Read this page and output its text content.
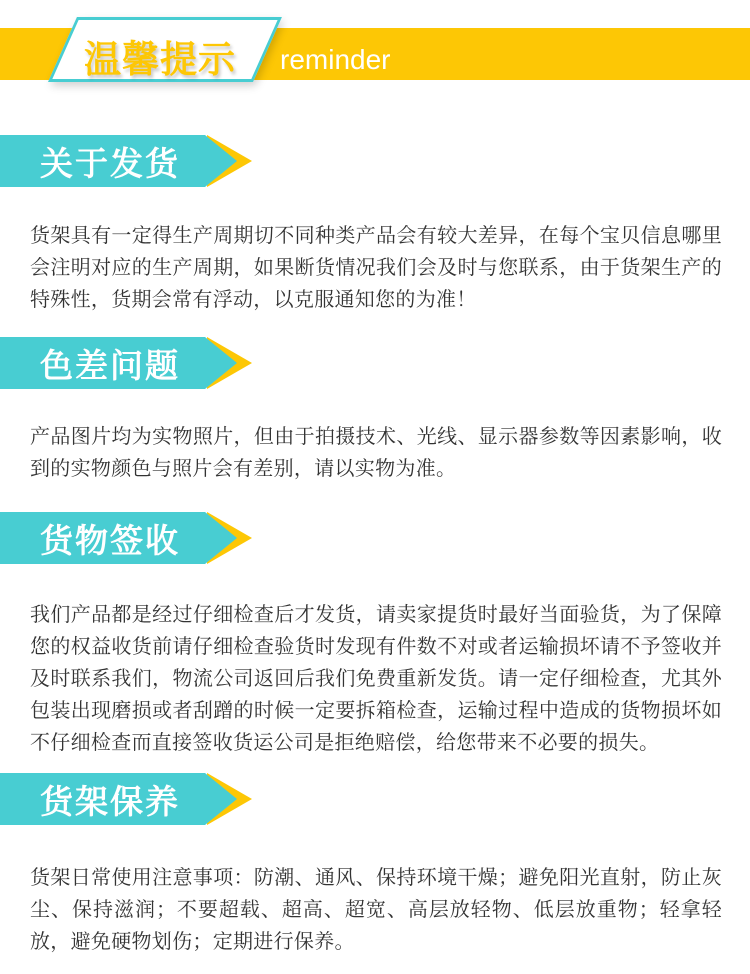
温馨提示 reminder
关于发货

货架具有一定得生产周期切不同种类产品会有较大差异，在每个宝贝信息哪里会注明对应的生产周期，如果断货情况我们会及时与您联系，由于货架生产的特殊性，货期会常有浮动，以克服通知您的为准！

色差问题

产品图片均为实物照片，但由于拍摄技术、光线、显示器参数等因素影响，收到的实物颜色与照片会有差别，请以实物为准。

货物签收

我们产品都是经过仔细检查后才发货，请卖家提货时最好当面验货，为了保障您的权益收货前请仔细检查验货时发现有件数不对或者运输损坏请不予签收并及时联系我们，物流公司返回后我们免费重新发货。请一定仔细检查，尤其外包装出现磨损或者刮蹭的时候一定要拆箱检查，运输过程中造成的货物损坏如不仔细检查而直接签收货运公司是拒绝赔偿，给您带来不必要的损失。

货架保养

货架日常使用注意事项：防潮、通风、保持环境干燥；避免阳光直射，防止灰尘、保持滋润；不要超载、超高、超宽、高层放轻物、低层放重物；轻拿轻放，避免硬物划伤；定期进行保养。
